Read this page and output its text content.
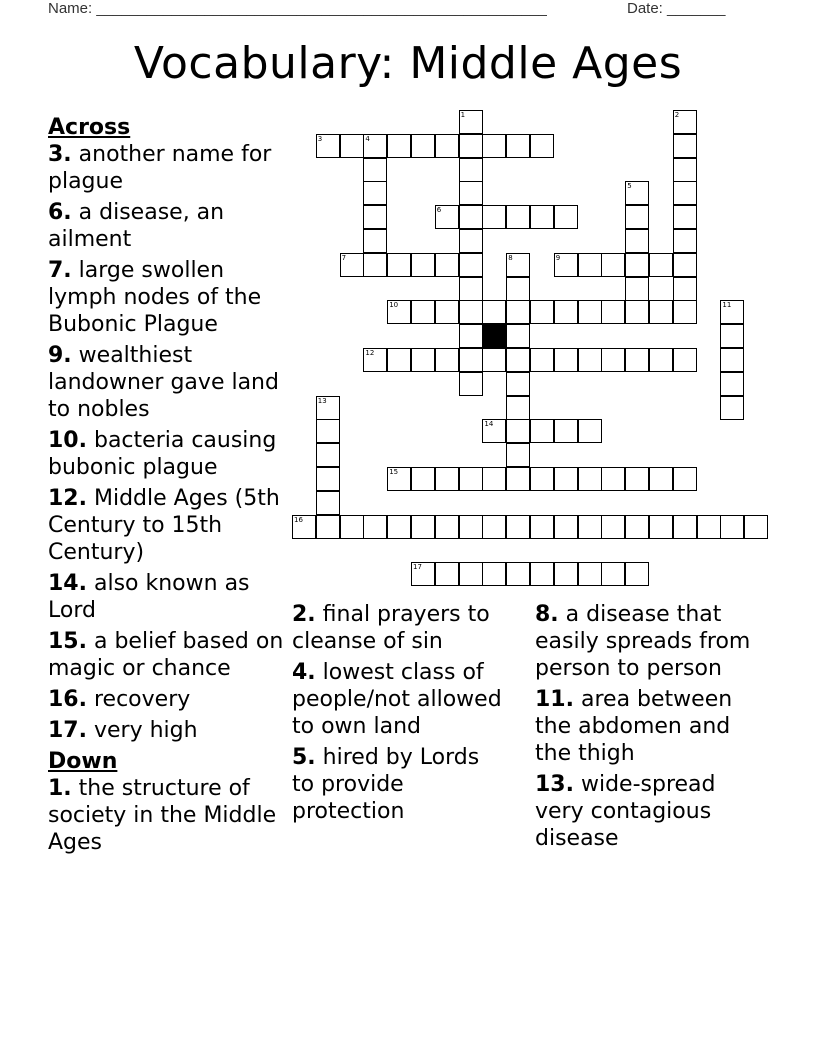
Name: ______________________________________________________	Date: _______
Vocabulary: Middle Ages
Across
3. another name for plague
6. a disease, an ailment
7. large swollen lymph nodes of the Bubonic Plague
9. wealthiest landowner gave land to nobles
10. bacteria causing bubonic plague
12. Middle Ages (5th Century to 15th Century)
14. also known as Lord
15. a belief based on magic or chance
16. recovery
17. very high
Down
1. the structure of society in the Middle Ages
2. final prayers to cleanse of sin
4. lowest class of people/not allowed to own land
5. hired by Lords to provide protection
8. a disease that easily spreads from person to person
11. area between the abdomen and the thigh
13. wide-spread very contagious disease
3	4
6
7	9
10
12
14
15
16
17
1	2
5
8
11
13
